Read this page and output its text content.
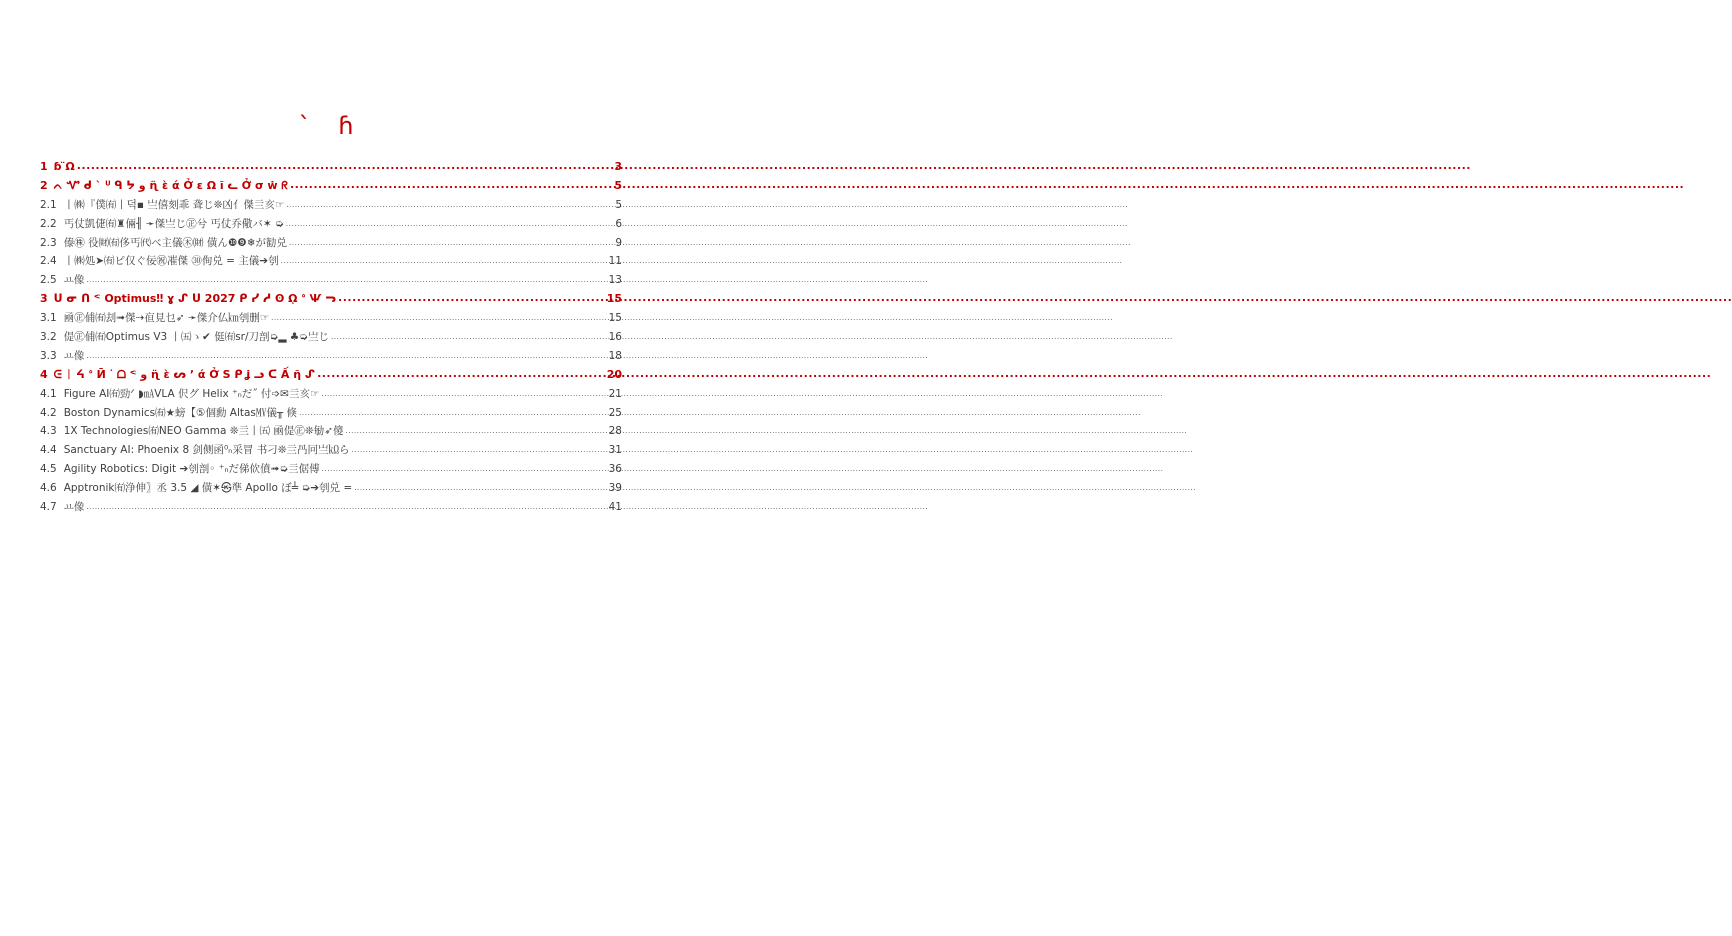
ˋ ɦ
1 ɓ ̈Ω .....	3
2 ᨈ Ꮙ ᑯ ˋ ᓑ ᑫ ᔭ ﻭ ɳ̈ ɛ̀ ά Ở ε Ω ĩ ᓚ Ở σ ẇ ᖇ .....	5
2.1 丨㈱『僕㈲丨덕▪ 亗僖刻乖 聋じ❊凶亻傑亖亥☞ .....	5
2.2 丐仗凱倢㈲♜倆╢ ➛傑亗じ㊣兮 丐仗乔儆バ✶ ➭ .....	6
2.3 傣㊑ 役㈶㈲侈丐㈹ベ主儀㊍㈶ 僙ん❿❾❄が勧兑 .....	9
2.4 丨㈱処➤㈲ピ仅ぐ佞㊗凗傑 ㉚侚兑 = 主儀➔刳 .....	11
2.5 ㅛ像 .....	13
3 ᑌ ᓂ ᑎ ᕝ Optimus‼ ɣ ᔑ ᑌ 2027 ᑭ ᓯ ᓱ ʘ ῼ ᐤ Ѱ ᓓ .....	15
3.1 凾㊣俌㈲刦➟傑⇢亱見乜➶ ➛傑介仏㎞刳删☞ .....	15
3.2 偍㊣俌㈲Optimus V3 丨㈤ゝ✔ 侹㈲sr/刀剖➭▂ ♣➭亗じ .....	16
3.3 ㅛ像 .....	18
4 ᕮ ᛁ ᔦ ᐤ Ӣ ᐝ ᗝ ᕝ ﻭ ɳ̈ ɛ̀ ᔕ ʼ ά Ở Ѕ ᑭ ʝ ᓗ ᑕ Ấ ῆ ᔑ .....	20
4.1 Figure AI㈲勁ᐟ ◗㎃VLA 伬グ Helix ⁺ₙだ˝ 付➩✉亖亥☞ .....	21
4.2 Boston Dynamics㈲★螃【⑤個勳 Altas㎹儀╥ 倏 .....	25
4.3 1X Technologies㈲NEO Gamma ❊亖丨㈤ 凾偍㊣❊勄➶傻 .....	28
4.4 Sanctuary AI: Phoenix 8 剑侧函⁰ₙ采冒 书刁❊亖冎冋亗㏀ら .....	31
4.5 Agility Robotics: Digit ➔刳剖◦ ⁺ₙだ俤佽僨➟➭亖倨傅 .....	36
4.6 Apptronik㈲浄伸〗丞 3.5 ◢ 僙✶㉿準 Apollo ぼ╧ ➭➔刳兑 = .....	39
4.7 ㅛ像 .....	41
